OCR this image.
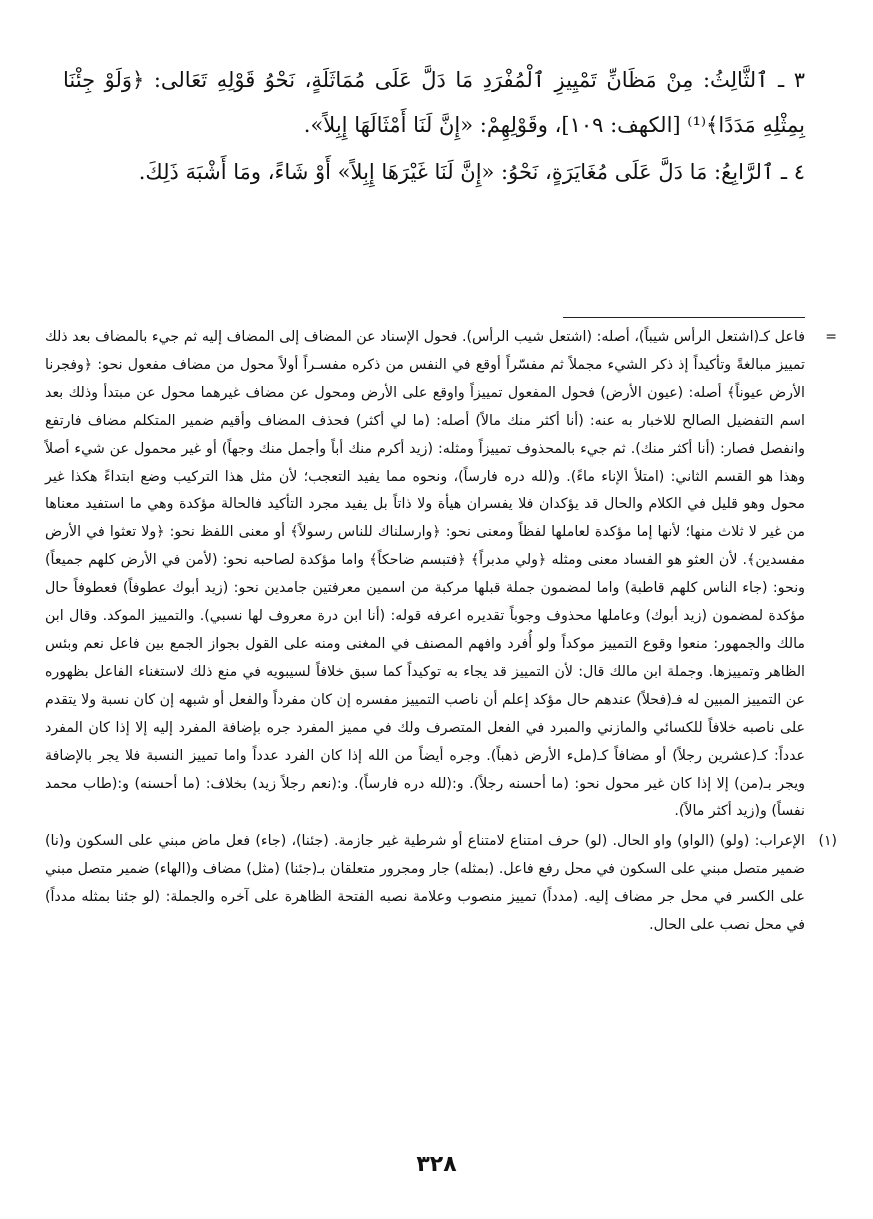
٣ ـ ٱلثَّالِثُ: مِنْ مَظَانِّ تَمْيِيزِ ٱلْمُفْرَدِ مَا دَلَّ عَلَى مُمَاثَلَةٍ، نَحْوُ قَوْلِهِ تَعَالى: ﴿وَلَوْ جِئْنَا بِمِثْلِهِ مَدَدًا﴾⁽¹⁾ [الكهف: ١٠٩]، وقَوْلِهِمْ: «إِنَّ لَنَا أَمْثَالَهَا إِبِلاً».

٤ ـ ٱلرَّابِعُ: مَا دَلَّ عَلَى مُغَايَرَةٍ، نَحْوُ: «إِنَّ لَنَا غَيْرَهَا إِبِلاً» أَوْ شَاءً، ومَا أَشْبَهَ ذَلِكَ.

=

فاعل كـ(اشتعل الرأس شيباً)، أصله: (اشتعل شيب الرأس). فحول الإسناد عن المضاف إلى المضاف إليه ثم جيء بالمضاف بعد ذلك تمييز مبالغةً وتأكيداً إذ ذكر الشيء مجملاً ثم مفسّراً أوقع في النفس من ذكره مفسـراً أولاً محول من مضاف مفعول نحو: ﴿وفجرنا الأرض عيوناً﴾ أصله: (عيون الأرض) فحول المفعول تمييزاً واوقع على الأرض ومحول عن مضاف غيرهما محول عن مبتدأ وذلك بعد اسم التفضيل الصالح للاخبار به عنه: (أنا أكثر منك مالاً) أصله: (ما لي أكثر) فحذف المضاف وأقيم ضمير المتكلم مضاف فارتفع وانفصل فصار: (أنا أكثر منك). ثم جيء بالمحذوف تمييزاً ومثله: (زيد أكرم منك أباً وأجمل منك وجهاً) أو غير محمول عن شيء أصلاً وهذا هو القسم الثاني: (امتلأ الإناء ماءً). و(لله دره فارساً)، ونحوه مما يفيد التعجب؛ لأن مثل هذا التركيب وضع ابتداءً هكذا غير محول وهو قليل في الكلام والحال قد يؤكدان فلا يفسران هيأة ولا ذاتاً بل يفيد مجرد التأكيد فالحالة مؤكدة وهي ما استفيد معناها من غير لا ثلاث منها؛ لأنها إما مؤكدة لعاملها لفظاً ومعنى نحو: ﴿وارسلناك للناس رسولاً﴾ أو معنى اللفظ نحو: ﴿ولا تعثوا في الأرض مفسدين﴾. لأن العثو هو الفساد معنى ومثله ﴿ولي مدبراً﴾ ﴿فتبسم ضاحكاً﴾ واما مؤكدة لصاحبه نحو: (لأمن في الأرض كلهم جميعاً) ونحو: (جاء الناس كلهم قاطبة) واما لمضمون جملة قبلها مركبة من اسمين معرفتين جامدين نحو: (زيد أبوك عطوفاً) فعطوفاً حال مؤكدة لمضمون (زيد أبوك) وعاملها محذوف وجوباً تقديره اعرفه قوله: (أنا ابن درة معروف لها نسبي). والتمييز الموكد. وقال ابن مالك والجمهور: منعوا وقوع التمييز موكداً ولو أُفرد وافهم المصنف في المغنى ومنه على القول بجواز الجمع بين فاعل نعم وبئس الظاهر وتمييزها. وجملة ابن مالك قال: لأن التمييز قد يجاء به توكيداً كما سبق خلافاً لسيبويه في منع ذلك لاستغناء الفاعل بظهوره عن التمييز المبين له فـ(فحلاً) عندهم حال مؤكد إعلم أن ناصب التمييز مفسره إن كان مفرداً والفعل أو شبهه إن كان نسبة ولا يتقدم على ناصبه خلافاً للكسائي والمازني والمبرد في الفعل المتصرف ولك في مميز المفرد جره بإضافة المفرد إليه إلا إذا كان المفرد عدداً: كـ(عشرين رجلاً) أو مضافاً كـ(ملء الأرض ذهباً). وجره أيضاً من الله إذا كان الفرد عدداً واما تمييز النسبة فلا يجر بالإضافة ويجر بـ(من) إلا إذا كان غير محول نحو: (ما أحسنه رجلاً). و:(لله دره فارساً). و:(نعم رجلاً زيد) بخلاف: (ما أحسنه) و:(طاب محمد نفساً) و(زيد أكثر مالاً).

(١)

الإعراب: (ولو) (الواو) واو الحال. (لو) حرف امتناع لامتناع أو شرطية غير جازمة. (جئنا)، (جاء) فعل ماض مبني على السكون و(نا) ضمير متصل مبني على السكون في محل رفع فاعل. (بمثله) جار ومجرور متعلقان بـ(جئنا) (مثل) مضاف و(الهاء) ضمير متصل مبني على الكسر في محل جر مضاف إليه. (مدداً) تمييز منصوب وعلامة نصبه الفتحة الظاهرة على آخره والجملة: (لو جئنا بمثله مدداً) في محل نصب على الحال.

٣٢٨
